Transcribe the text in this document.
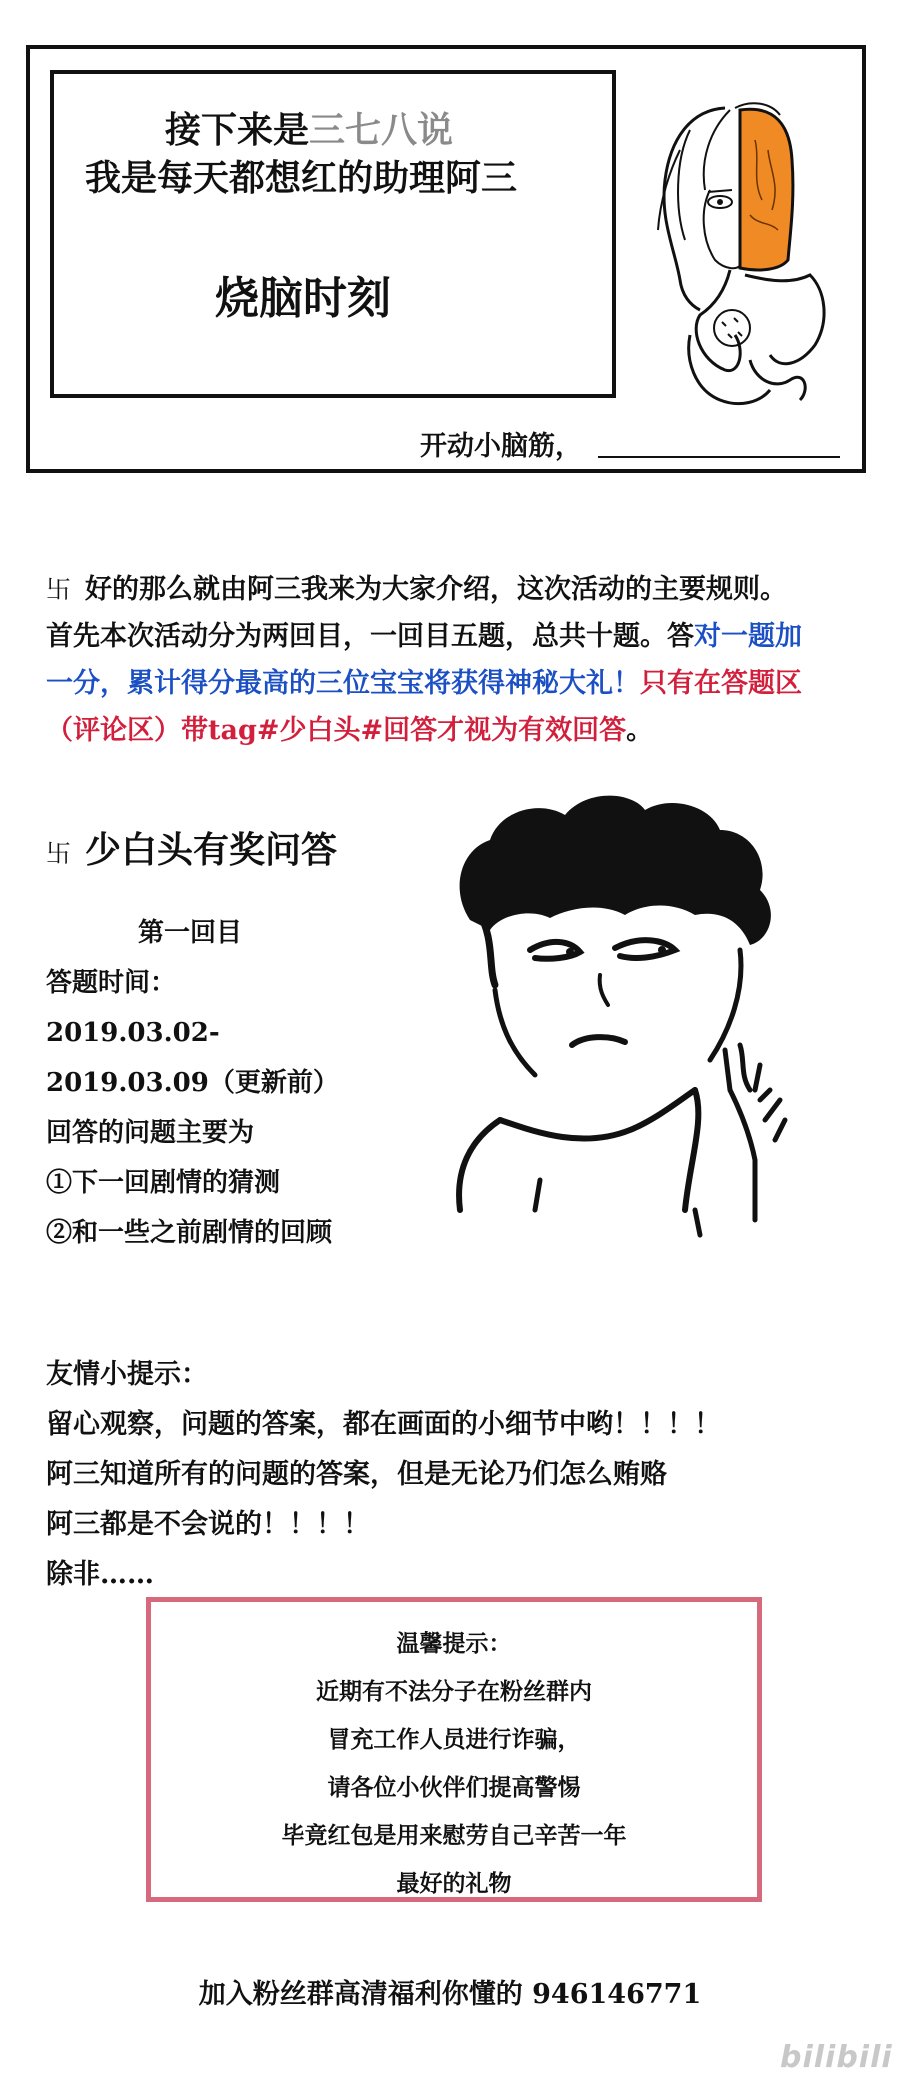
接下来是三七八说
我是每天都想红的助理阿三
烧脑时刻
开动小脑筋，
卐 好的那么就由阿三我来为大家介绍，这次活动的主要规则。
首先本次活动分为两回目，一回目五题，总共十题。答对一题加
一分，累计得分最高的三位宝宝将获得神秘大礼！只有在答题区
（评论区）带tag#少白头#回答才视为有效回答。
卐 少白头有奖问答
第一回目
答题时间：
2019.03.02-
2019.03.09（更新前）
回答的问题主要为
①下一回剧情的猜测
②和一些之前剧情的回顾
友情小提示：
留心观察，问题的答案，都在画面的小细节中哟！！！！
阿三知道所有的问题的答案，但是无论乃们怎么贿赂
阿三都是不会说的！！！！
除非……
温馨提示：
近期有不法分子在粉丝群内
冒充工作人员进行诈骗，
请各位小伙伴们提高警惕
毕竟红包是用来慰劳自己辛苦一年
最好的礼物
加入粉丝群高清福利你懂的 946146771
bilibili
